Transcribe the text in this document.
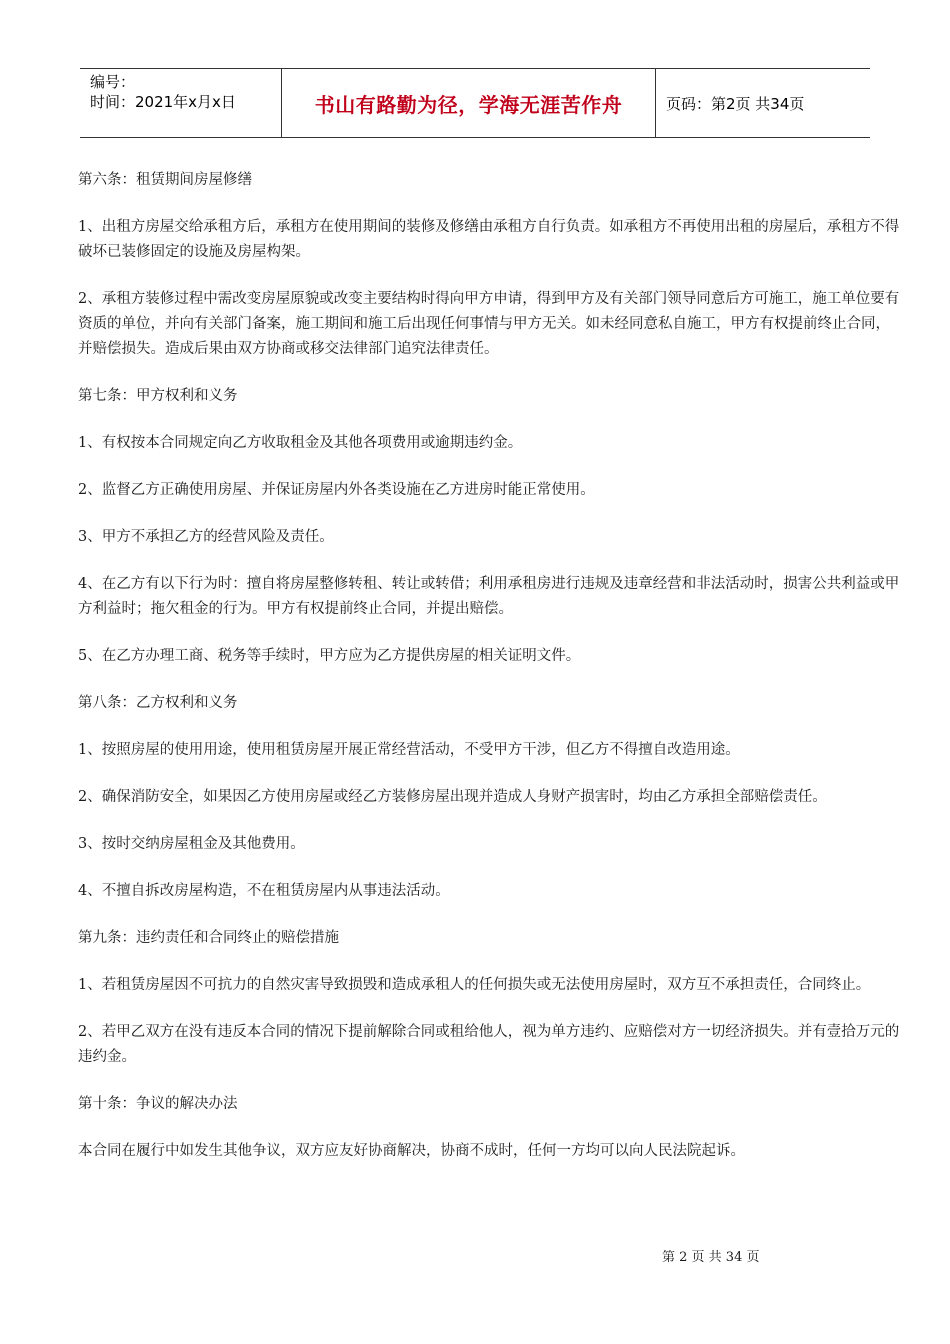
编号：
时间：2021年x月x日	书山有路勤为径，学海无涯苦作舟	页码：第2页 共34页

第六条：租赁期间房屋修缮

1、出租方房屋交给承租方后，承租方在使用期间的装修及修缮由承租方自行负责。如承租方不再使用出租的房屋后，承租方不得破坏已装修固定的设施及房屋构架。

2、承租方装修过程中需改变房屋原貌或改变主要结构时得向甲方申请，得到甲方及有关部门领导同意后方可施工，施工单位要有资质的单位，并向有关部门备案，施工期间和施工后出现任何事情与甲方无关。如未经同意私自施工，甲方有权提前终止合同，并赔偿损失。造成后果由双方协商或移交法律部门追究法律责任。

第七条：甲方权利和义务

1、有权按本合同规定向乙方收取租金及其他各项费用或逾期违约金。

2、监督乙方正确使用房屋、并保证房屋内外各类设施在乙方进房时能正常使用。

3、甲方不承担乙方的经营风险及责任。

4、在乙方有以下行为时：擅自将房屋整修转租、转让或转借；利用承租房进行违规及违章经营和非法活动时，损害公共利益或甲方利益时；拖欠租金的行为。甲方有权提前终止合同，并提出赔偿。

5、在乙方办理工商、税务等手续时，甲方应为乙方提供房屋的相关证明文件。

第八条：乙方权利和义务

1、按照房屋的使用用途，使用租赁房屋开展正常经营活动，不受甲方干涉，但乙方不得擅自改造用途。

2、确保消防安全，如果因乙方使用房屋或经乙方装修房屋出现并造成人身财产损害时，均由乙方承担全部赔偿责任。

3、按时交纳房屋租金及其他费用。

4、不擅自拆改房屋构造，不在租赁房屋内从事违法活动。

第九条：违约责任和合同终止的赔偿措施

1、若租赁房屋因不可抗力的自然灾害导致损毁和造成承租人的任何损失或无法使用房屋时，双方互不承担责任，合同终止。

2、若甲乙双方在没有违反本合同的情况下提前解除合同或租给他人，视为单方违约、应赔偿对方一切经济损失。并有壹拾万元的违约金。

第十条：争议的解决办法

本合同在履行中如发生其他争议，双方应友好协商解决，协商不成时，任何一方均可以向人民法院起诉。

第 2 页 共 34 页
